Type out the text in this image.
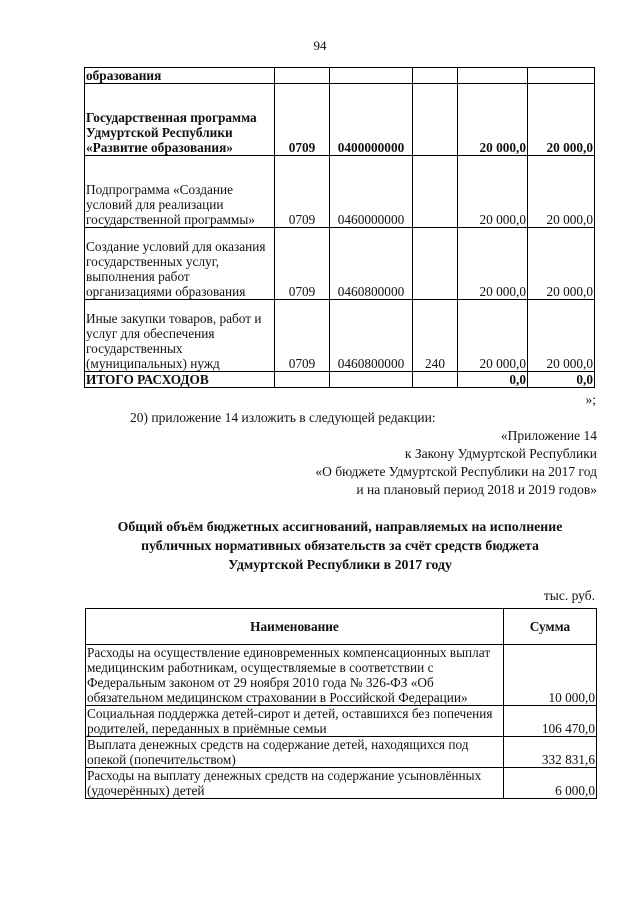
94
образования					
Государственная программа Удмуртской Республики «Развитие образования»	0709	0400000000		20 000,0	20 000,0
Подпрограмма «Создание условий для реализации государственной программы»	0709	0460000000		20 000,0	20 000,0
Создание условий для оказания государственных услуг, выполнения работ организациями образования	0709	0460800000		20 000,0	20 000,0
Иные закупки товаров, работ и услуг для обеспечения государственных (муниципальных) нужд	0709	0460800000	240	20 000,0	20 000,0
ИТОГО РАСХОДОВ				0,0	0,0
»;
20) приложение 14 изложить в следующей редакции:
«Приложение 14
к Закону Удмуртской Республики
«О бюджете Удмуртской Республики на 2017 год
и на плановый период 2018 и 2019 годов»
Общий объём бюджетных ассигнований, направляемых на исполнение
публичных нормативных обязательств за счёт средств бюджета
Удмуртской Республики в 2017 году
тыс. руб.
Наименование	Сумма
Расходы на осуществление единовременных компенсационных выплат медицинским работникам, осуществляемые в соответствии с Федеральным законом от 29 ноября 2010 года № 326-ФЗ «Об обязательном медицинском страховании в Российской Федерации»	10 000,0
Социальная поддержка детей-сирот и детей, оставшихся без попечения родителей, переданных в приёмные семьи	106 470,0
Выплата денежных средств на содержание детей, находящихся под опекой (попечительством)	332 831,6
Расходы на выплату денежных средств на содержание усыновлённых (удочерённых) детей	6 000,0
